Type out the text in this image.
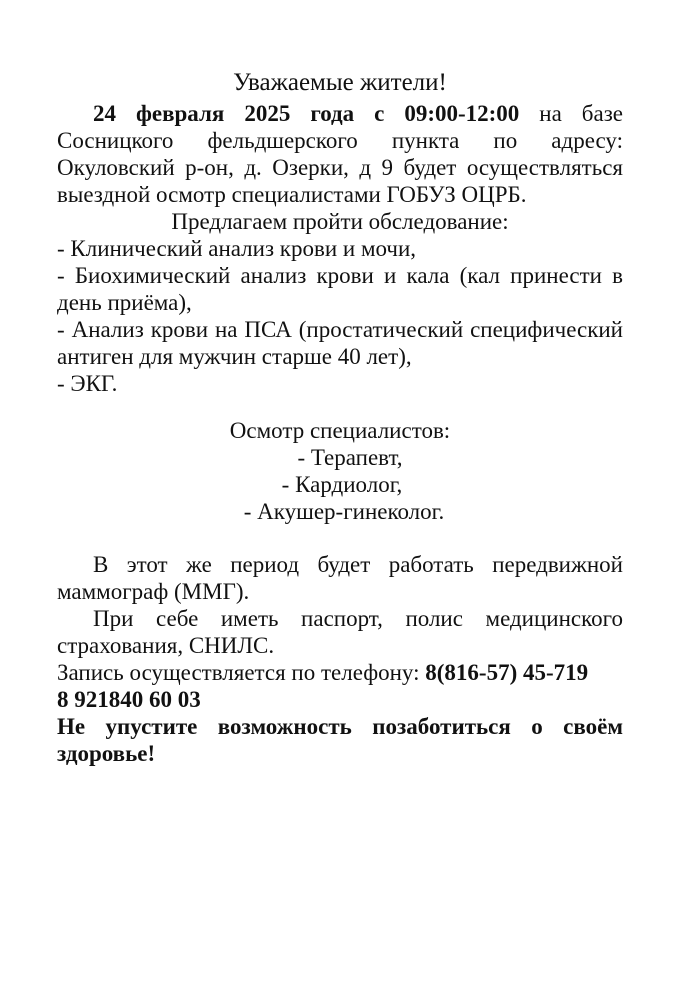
Уважаемые жители!

24 февраля 2025 года с 09:00-12:00 на базе Сосницкого фельдшерского пункта по адресу: Окуловский р-он, д. Озерки, д 9 будет осуществляться выездной осмотр специалистами ГОБУЗ ОЦРБ.

Предлагаем пройти обследование:

- Клинический анализ крови и мочи,

- Биохимический анализ крови и кала (кал принести в день приёма),

- Анализ крови на ПСА (простатический специфический антиген для мужчин старше 40 лет),

- ЭКГ.

Осмотр специалистов:

- Терапевт,

- Кардиолог,

- Акушер-гинеколог.

В этот же период будет работать передвижной маммограф (ММГ).

При себе иметь паспорт, полис медицинского страхования, СНИЛС.

Запись осуществляется по телефону: 8(816-57) 45-719

8 921840 60 03

Не упустите возможность позаботиться о своём здоровье!
